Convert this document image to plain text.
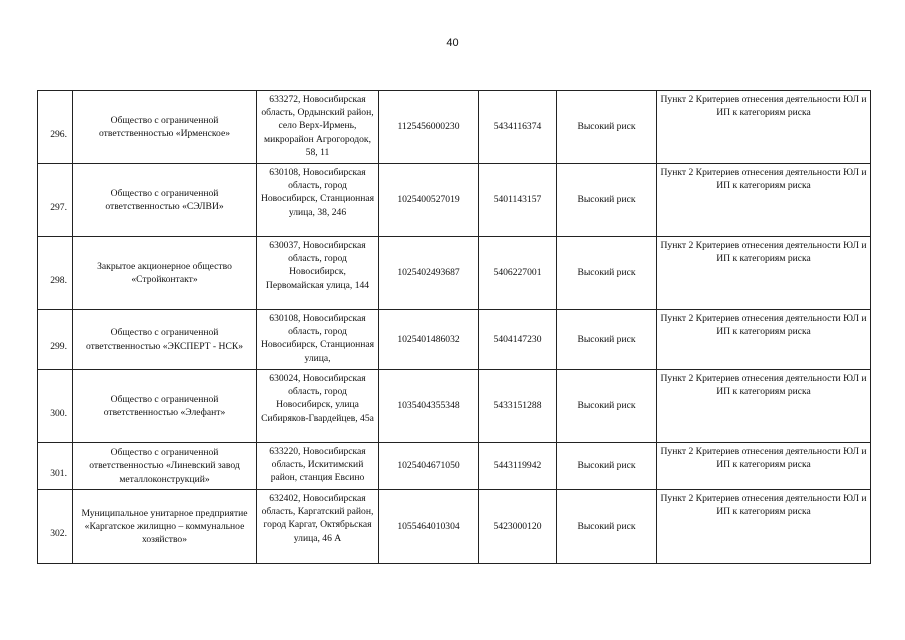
40
296.	Общество с ограниченной ответственностью «Ирменское»	633272, Новосибирская область, Ордынский район, село Верх-Ирмень, микрорайон Агрогородок, 58, 11	1125456000230	5434116374	Высокий риск	Пункт 2 Критериев отнесения деятельности ЮЛ и ИП к категориям риска
297.	Общество с ограниченной ответственностью «СЭЛВИ»	630108, Новосибирская область, город Новосибирск, Станционная улица, 38, 246	1025400527019	5401143157	Высокий риск	Пункт 2 Критериев отнесения деятельности ЮЛ и ИП к категориям риска
298.	Закрытое акционерное общество «Стройконтакт»	630037, Новосибирская область, город Новосибирск, Первомайская улица, 144	1025402493687	5406227001	Высокий риск	Пункт 2 Критериев отнесения деятельности ЮЛ и ИП к категориям риска
299.	Общество с ограниченной ответственностью «ЭКСПЕРТ - НСК»	630108, Новосибирская область, город Новосибирск, Станционная улица,	1025401486032	5404147230	Высокий риск	Пункт 2 Критериев отнесения деятельности ЮЛ и ИП к категориям риска
300.	Общество с ограниченной ответственностью «Элефант»	630024, Новосибирская область, город Новосибирск, улица Сибиряков-Гвардейцев, 45а	1035404355348	5433151288	Высокий риск	Пункт 2 Критериев отнесения деятельности ЮЛ и ИП к категориям риска
301.	Общество с ограниченной ответственностью «Линевский завод металлоконструкций»	633220, Новосибирская область, Искитимский район, станция Евсино	1025404671050	5443119942	Высокий риск	Пункт 2 Критериев отнесения деятельности ЮЛ и ИП к категориям риска
302.	Муниципальное унитарное предприятие «Каргатское жилищно – коммунальное хозяйство»	632402, Новосибирская область, Каргатский район, город Каргат, Октябрьская улица, 46 А	1055464010304	5423000120	Высокий риск	Пункт 2 Критериев отнесения деятельности ЮЛ и ИП к категориям риска
